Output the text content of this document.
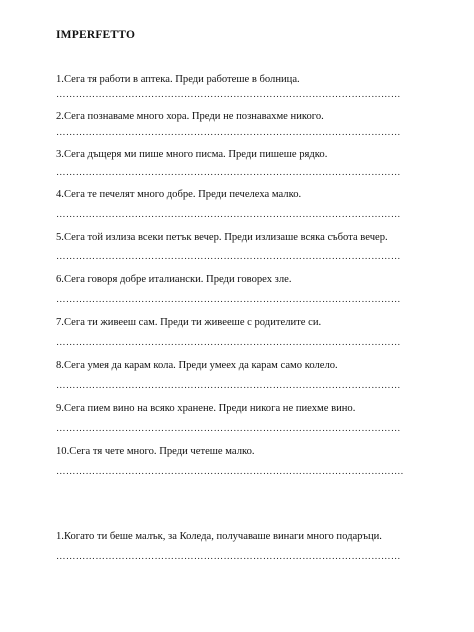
IMPERFETTO
1.Сега тя работи в аптека. Преди работеше в болница.
……………………………………………………………………………………………
2.Сега познаваме много хора. Преди не познавахме никого.
……………………………………………………………………………………………
3.Сега дъщеря ми пише много писма. Преди пишеше рядко.
……………………………………………………………………………………………
4.Сега те печелят много добре. Преди печелеха малко.
……………………………………………………………………………………………
5.Сега той излиза всеки петък вечер. Преди излизаше всяка събота вечер.
……………………………………………………………………………………………
6.Сега говоря добре италиански. Преди говорех зле.
……………………………………………………………………………………………
7.Сега ти живееш сам. Преди ти живееше с родителите си.
……………………………………………………………………………………………
8.Сега умея да карам кола. Преди умеех да карам само колело.
……………………………………………………………………………………………
9.Сега пием вино на всяко хранене. Преди никога не пиехме вино.
……………………………………………………………………………………………
10.Сега тя чете много. Преди четеше малко.
…………………………………………………………………………………………….
1.Когато ти беше малък, за Коледа, получаваше винаги много подаръци.
……………………………………………………………………………………………
